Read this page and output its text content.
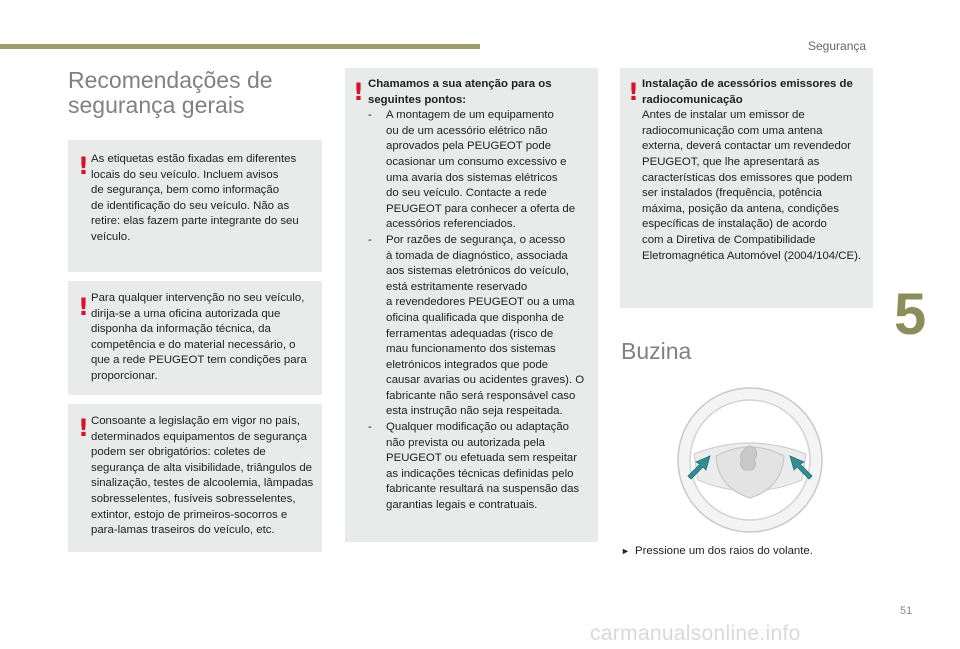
Segurança
5
Recomendações de
segurança gerais
! As etiquetas estão fixadas em diferentes
locais do seu veículo. Incluem avisos
de segurança, bem como informação
de identificação do seu veículo. Não as
retire: elas fazem parte integrante do seu
veículo.
! Para qualquer intervenção no seu veículo,
dirija-se a uma oficina autorizada que
disponha da informação técnica, da
competência e do material necessário, o
que a rede PEUGEOT tem condições para
proporcionar.
! Consoante a legislação em vigor no país,
determinados equipamentos de segurança
podem ser obrigatórios: coletes de
segurança de alta visibilidade, triângulos de
sinalização, testes de alcoolemia, lâmpadas
sobresselentes, fusíveis sobresselentes,
extintor, estojo de primeiros-socorros e
para-lamas traseiros do veículo, etc.
! Chamamos a sua atenção para os
seguintes pontos:
- A montagem de um equipamento
ou de um acessório elétrico não
aprovados pela PEUGEOT pode
ocasionar um consumo excessivo e
uma avaria dos sistemas elétricos
do seu veículo. Contacte a rede
PEUGEOT para conhecer a oferta de
acessórios referenciados.
- Por razões de segurança, o acesso
à tomada de diagnóstico, associada
aos sistemas eletrónicos do veículo,
está estritamente reservado
a revendedores PEUGEOT ou a uma
oficina qualificada que disponha de
ferramentas adequadas (risco de
mau funcionamento dos sistemas
eletrónicos integrados que pode
causar avarias ou acidentes graves). O
fabricante não será responsável caso
esta instrução não seja respeitada.
- Qualquer modificação ou adaptação
não prevista ou autorizada pela
PEUGEOT ou efetuada sem respeitar
as indicações técnicas definidas pelo
fabricante resultará na suspensão das
garantias legais e contratuais.
! Instalação de acessórios emissores de
radiocomunicação
Antes de instalar um emissor de
radiocomunicação com uma antena
externa, deverá contactar um revendedor
PEUGEOT, que lhe apresentará as
características dos emissores que podem
ser instalados (frequência, potência
máxima, posição da antena, condições
específicas de instalação) de acordo
com a Diretiva de Compatibilidade
Eletromagnética Automóvel (2004/104/CE).
Buzina
► Pressione um dos raios do volante.
51
carmanualsonline.info
